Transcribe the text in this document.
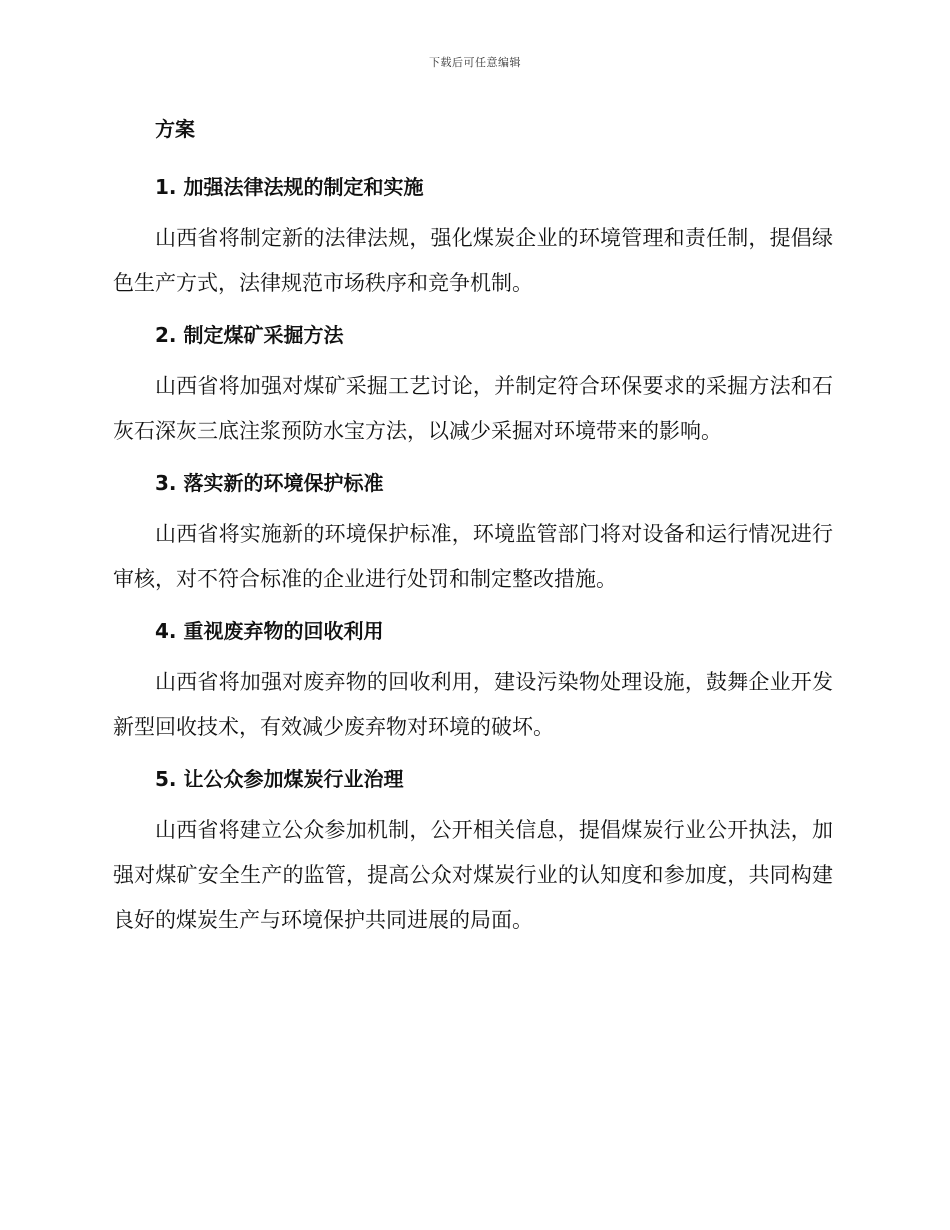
下载后可任意编辑
方案
1. 加强法律法规的制定和实施

山西省将制定新的法律法规，强化煤炭企业的环境管理和责任制，提倡绿色生产方式，法律规范市场秩序和竞争机制。

2. 制定煤矿采掘方法

山西省将加强对煤矿采掘工艺讨论，并制定符合环保要求的采掘方法和石灰石深灰三底注浆预防水宝方法，以减少采掘对环境带来的影响。

3. 落实新的环境保护标准

山西省将实施新的环境保护标准，环境监管部门将对设备和运行情况进行审核，对不符合标准的企业进行处罚和制定整改措施。

4. 重视废弃物的回收利用

山西省将加强对废弃物的回收利用，建设污染物处理设施，鼓舞企业开发新型回收技术，有效减少废弃物对环境的破坏。

5. 让公众参加煤炭行业治理

山西省将建立公众参加机制，公开相关信息，提倡煤炭行业公开执法，加强对煤矿安全生产的监管，提高公众对煤炭行业的认知度和参加度，共同构建良好的煤炭生产与环境保护共同进展的局面。
